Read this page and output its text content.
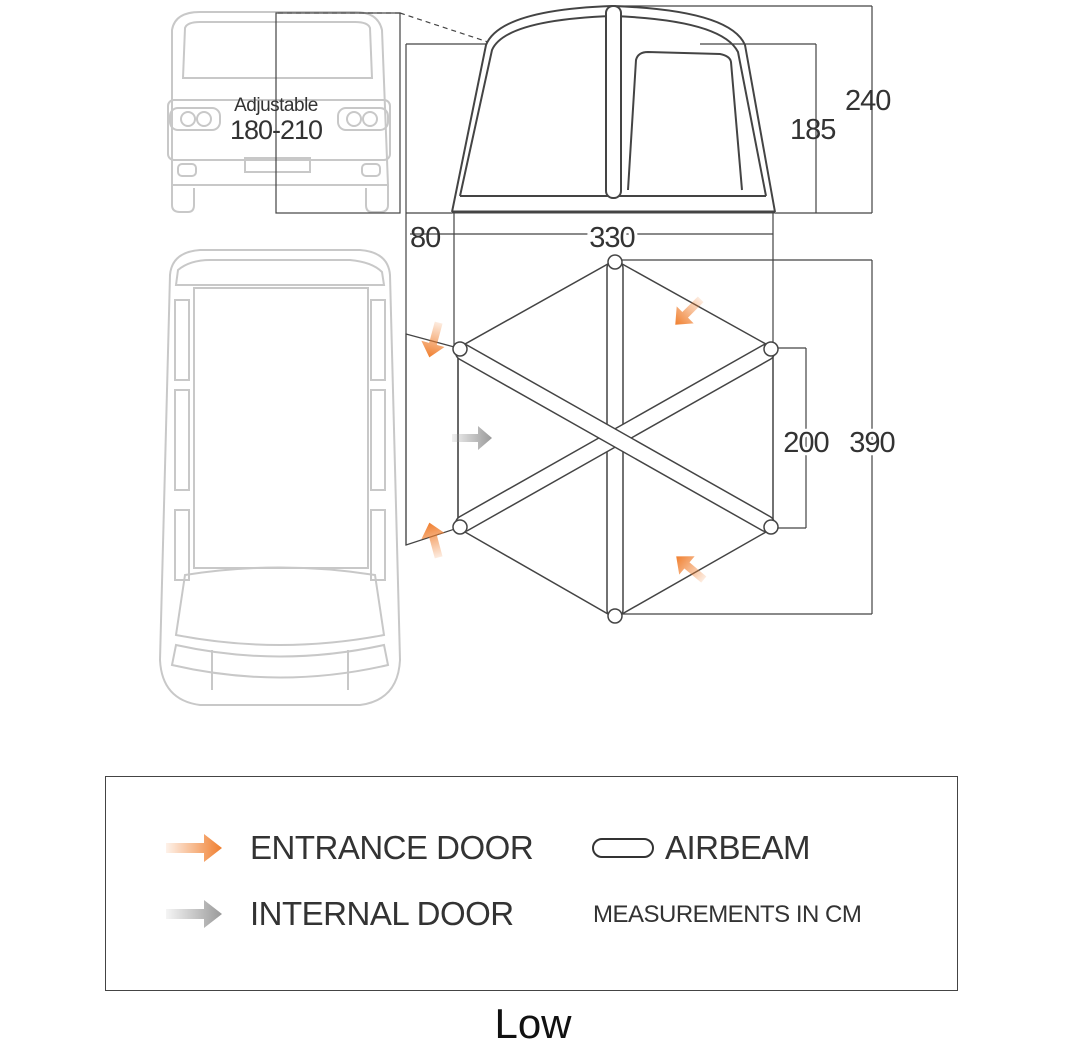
Adjustable
180-210
240
185
80	330
200 390
ENTRANCE DOOR
INTERNAL DOOR
AIRBEAM
MEASUREMENTS IN CM
Low
